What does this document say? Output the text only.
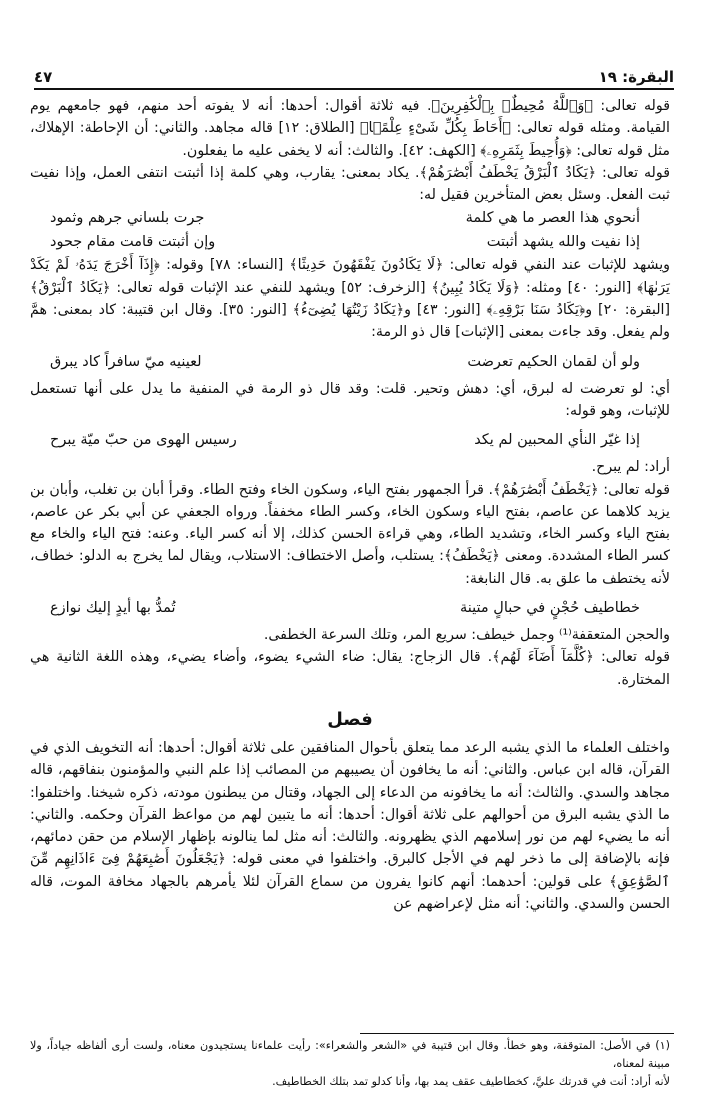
٤٧	البقرة: ١٩

قوله تعالى: ﴿وَٱللَّهُ مُحِيطٌۢ بِٱلْكَٰفِرِينَ﴾. فيه ثلاثة أقوال: أحدها: أنه لا يفوته أحد منهم، فهو جامعهم يوم القيامة. ومثله قوله تعالى: ﴿أَحَاطَ بِكُلِّ شَىْءٍ عِلْمًۢا﴾ [الطلاق: ١٢] قاله مجاهد. والثاني: أن الإحاطة: الإهلاك، مثل قوله تعالى: ﴿وَأُحِيطَ بِثَمَرِهِۦ﴾ [الكهف: ٤٢]. والثالث: أنه لا يخفى عليه ما يفعلون.

قوله تعالى: ﴿يَكَادُ ٱلْبَرْقُ يَخْطَفُ أَبْصَٰرَهُمْ﴾. يكاد بمعنى: يقارب، وهي كلمة إذا أثبتت انتفى العمل، وإذا نفيت ثبت الفعل. وسئل بعض المتأخرين فقيل له:

أنحوي هذا العصر ما هي كلمة
جرت بلساني جرهم وثمود
إذا نفيت والله يشهد أثبتت
وإن أثبتت قامت مقام جحود

ويشهد للإثبات عند النفي قوله تعالى: ﴿لَا يَكَادُونَ يَفْقَهُونَ حَدِيثًا﴾ [النساء: ٧٨] وقوله: ﴿إِذَآ أَخْرَجَ يَدَهُۥ لَمْ يَكَدْ يَرَىٰهَا﴾ [النور: ٤٠] ومثله: ﴿وَلَا يَكَادُ يُبِينُ﴾ [الزخرف: ٥٢] ويشهد للنفي عند الإثبات قوله تعالى: ﴿يَكَادُ ٱلْبَرْقُ﴾ [البقرة: ٢٠] و﴿يَكَادُ سَنَا بَرْقِهِۦ﴾ [النور: ٤٣] و﴿يَكَادُ زَيْتُهَا يُضِىٓءُ﴾ [النور: ٣٥]. وقال ابن قتيبة: كاد بمعنى: همَّ ولم يفعل. وقد جاءت بمعنى [الإثبات] قال ذو الرمة:

ولو أن لقمان الحكيم تعرضت
لعينيه ميّ سافراً كاد يبرق

أي: لو تعرضت له لبرق، أي: دهش وتحير. قلت: وقد قال ذو الرمة في المنفية ما يدل على أنها تستعمل للإثبات، وهو قوله:

إذا غيّر النأي المحبين لم يكد
رسيس الهوى من حبّ ميّة يبرح

أراد: لم يبرح.

قوله تعالى: ﴿يَخْطَفُ أَبْصَٰرَهُمْ﴾. قرأ الجمهور بفتح الياء، وسكون الخاء وفتح الطاء. وقرأ أبان بن تغلب، وأبان بن يزيد كلاهما عن عاصم، بفتح الياء وسكون الخاء، وكسر الطاء مخففاً. ورواه الجعفي عن أبي بكر عن عاصم، بفتح الياء وكسر الخاء، وتشديد الطاء، وهي قراءة الحسن كذلك، إلا أنه كسر الياء. وعنه: فتح الياء والخاء مع كسر الطاء المشددة. ومعنى ﴿يَخْطَفُ﴾: يستلب، وأصل الاختطاف: الاستلاب، ويقال لما يخرج به الدلو: خطاف، لأنه يختطف ما علق به. قال النابغة:

خطاطيف حُجْنٍ في حبالٍ متينة
تُمدُّ بها أيدٍ إليك نوازع

والحجن المتعقفة⁽¹⁾ وجمل خيطف: سريع المر، وتلك السرعة الخطفى.

قوله تعالى: ﴿كُلَّمَآ أَضَآءَ لَهُم﴾. قال الزجاج: يقال: ضاء الشيء يضوء، وأضاء يضيء، وهذه اللغة الثانية هي المختارة.

فصل

واختلف العلماء ما الذي يشبه الرعد مما يتعلق بأحوال المنافقين على ثلاثة أقوال: أحدها: أنه التخويف الذي في القرآن، قاله ابن عباس. والثاني: أنه ما يخافون أن يصيبهم من المصائب إذا علم النبي والمؤمنون بنفاقهم، قاله مجاهد والسدي. والثالث: أنه ما يخافونه من الدعاء إلى الجهاد، وقتال من يبطنون مودته، ذكره شيخنا. واختلفوا: ما الذي يشبه البرق من أحوالهم على ثلاثة أقوال: أحدها: أنه ما يتبين لهم من مواعظ القرآن وحكمه. والثاني: أنه ما يضيء لهم من نور إسلامهم الذي يظهرونه. والثالث: أنه مثل لما ينالونه بإظهار الإسلام من حقن دمائهم، فإنه بالإضافة إلى ما ذخر لهم في الأجل كالبرق. واختلفوا في معنى قوله: ﴿يَجْعَلُونَ أَصَٰبِعَهُمْ فِىٓ ءَاذَانِهِم مِّنَ ٱلصَّوَٰعِقِ﴾ على قولين: أحدهما: أنهم كانوا يفرون من سماع القرآن لئلا يأمرهم بالجهاد مخافة الموت، قاله الحسن والسدي. والثاني: أنه مثل لإعراضهم عن

(١) في الأصل: المتوقفة، وهو خطأ. وقال ابن قتيبة في «الشعر والشعراء»: رأيت علماءنا يستجيدون معناه، ولست أرى ألفاظه جياداً، ولا مبينة لمعناه،

لأنه أراد: أنت في قدرتك عليَّ، كخطاطيف عقف يمد بها، وأنا كدلو تمد بتلك الخطاطيف.
